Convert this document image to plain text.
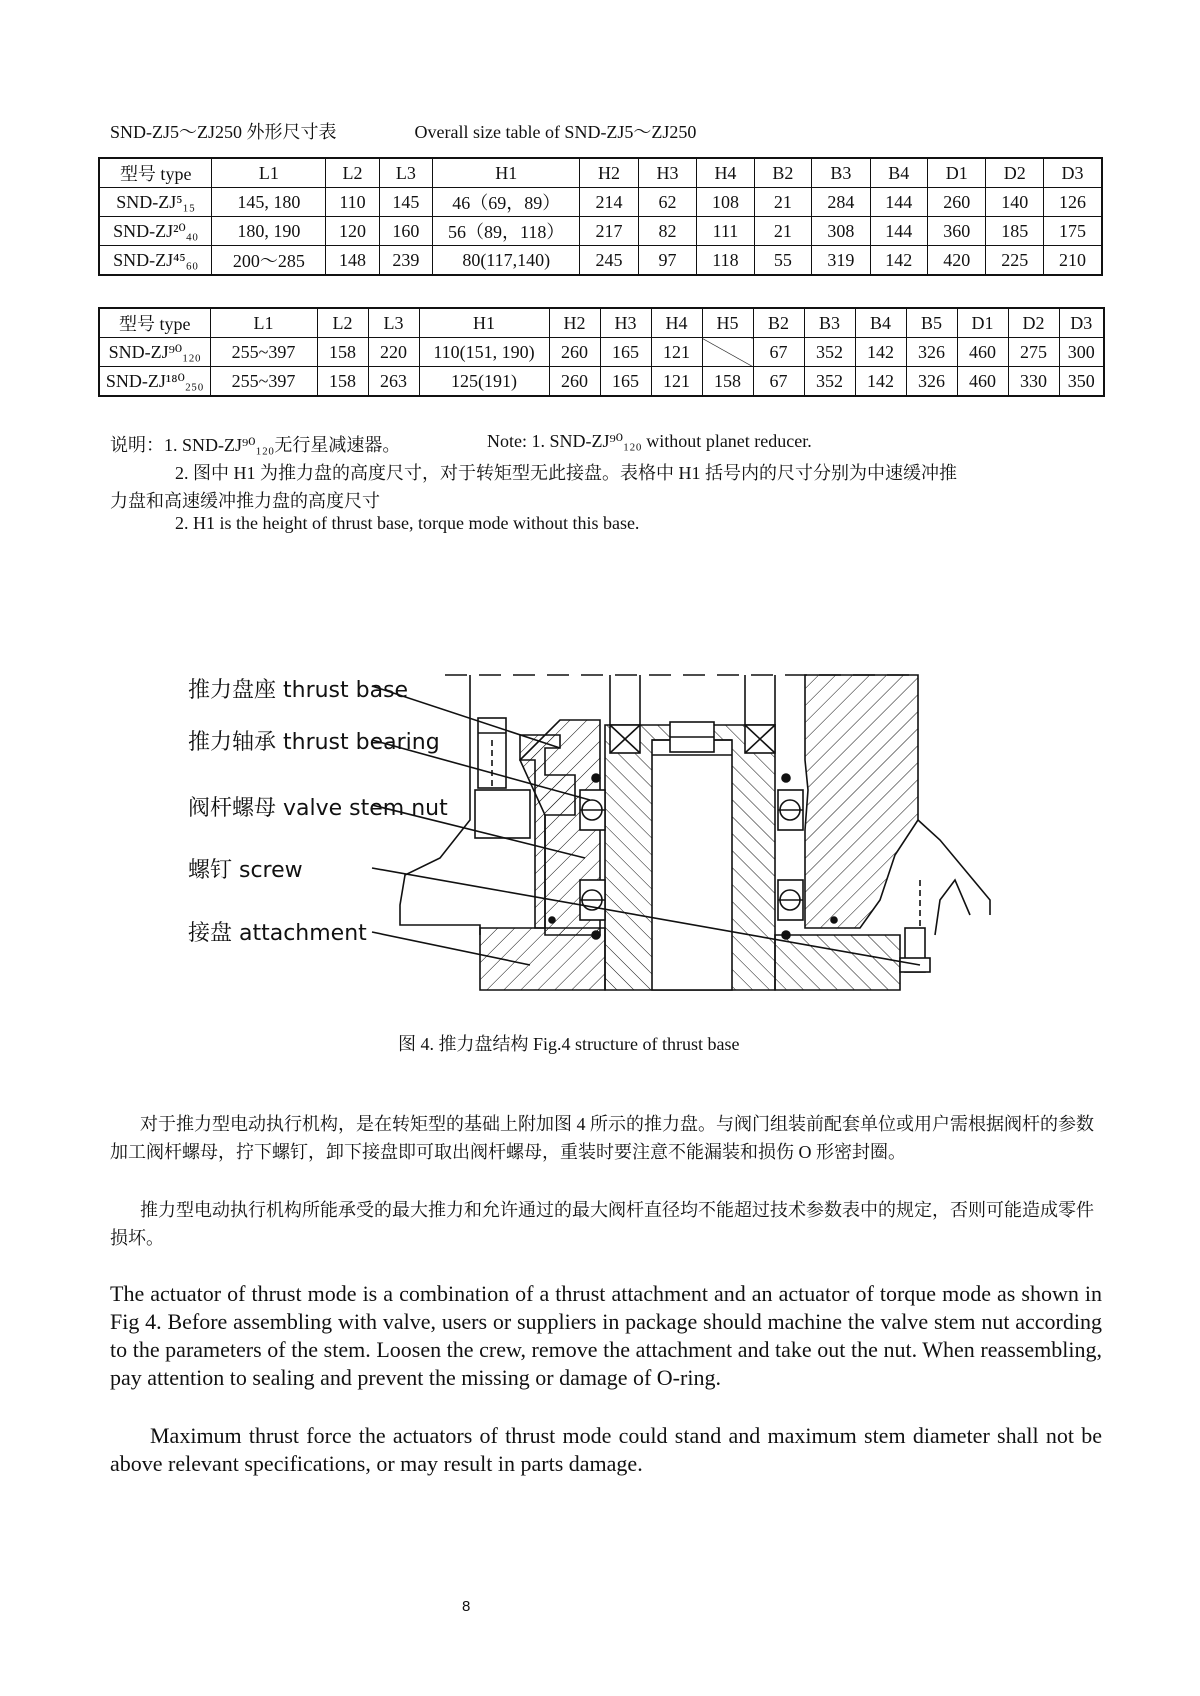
SND-ZJ5～ZJ250 外形尺寸表	Overall size table of SND-ZJ5～ZJ250
型号 type	L1	L2	L3	H1	H2	H3	H4	B2	B3	B4	D1	D2	D3
SND-ZJ⁵₁₅	145, 180	110	145	46（69，89）	214	62	108	21	284	144	260	140	126
SND-ZJ²⁰₄₀	180, 190	120	160	56（89，118）	217	82	111	21	308	144	360	185	175
SND-ZJ⁴⁵₆₀	200～285	148	239	80(117,140)	245	97	118	55	319	142	420	225	210
型号 type	L1	L2	L3	H1	H2	H3	H4	H5	B2	B3	B4	B5	D1	D2	D3
SND-ZJ⁹⁰₁₂₀	255~397	158	220	110(151, 190)	260	165	121		67	352	142	326	460	275	300
SND-ZJ¹⁸⁰₂₅₀	255~397	158	263	125(191)	260	165	121	158	67	352	142	326	460	330	350
说明：1. SND-ZJ⁹⁰₁₂₀无行星减速器。	Note: 1. SND-ZJ⁹⁰₁₂₀ without planet reducer.
2. 图中 H1 为推力盘的高度尺寸，对于转矩型无此接盘。表格中 H1 括号内的尺寸分别为中速缓冲推
力盘和高速缓冲推力盘的高度尺寸
2. H1 is the height of thrust base, torque mode without this base.
推力盘座 thrust base
推力轴承 thrust bearing
阀杆螺母 valve stem nut
螺钉 screw
接盘 attachment
图 4. 推力盘结构 Fig.4 structure of thrust base
对于推力型电动执行机构，是在转矩型的基础上附加图 4 所示的推力盘。与阀门组装前配套单位或用户需根据阀杆的参数加工阀杆螺母，拧下螺钉，卸下接盘即可取出阀杆螺母，重装时要注意不能漏装和损伤 O 形密封圈。
推力型电动执行机构所能承受的最大推力和允许通过的最大阀杆直径均不能超过技术参数表中的规定，否则可能造成零件损坏。
The actuator of thrust mode is a combination of a thrust attachment and an actuator of torque mode as shown in Fig 4. Before assembling with valve, users or suppliers in package should machine the valve stem nut according to the parameters of the stem. Loosen the crew, remove the attachment and take out the nut. When reassembling, pay attention to sealing and prevent the missing or damage of O-ring.
Maximum thrust force the actuators of thrust mode could stand and maximum stem diameter shall not be above relevant specifications, or may result in parts damage.
8
